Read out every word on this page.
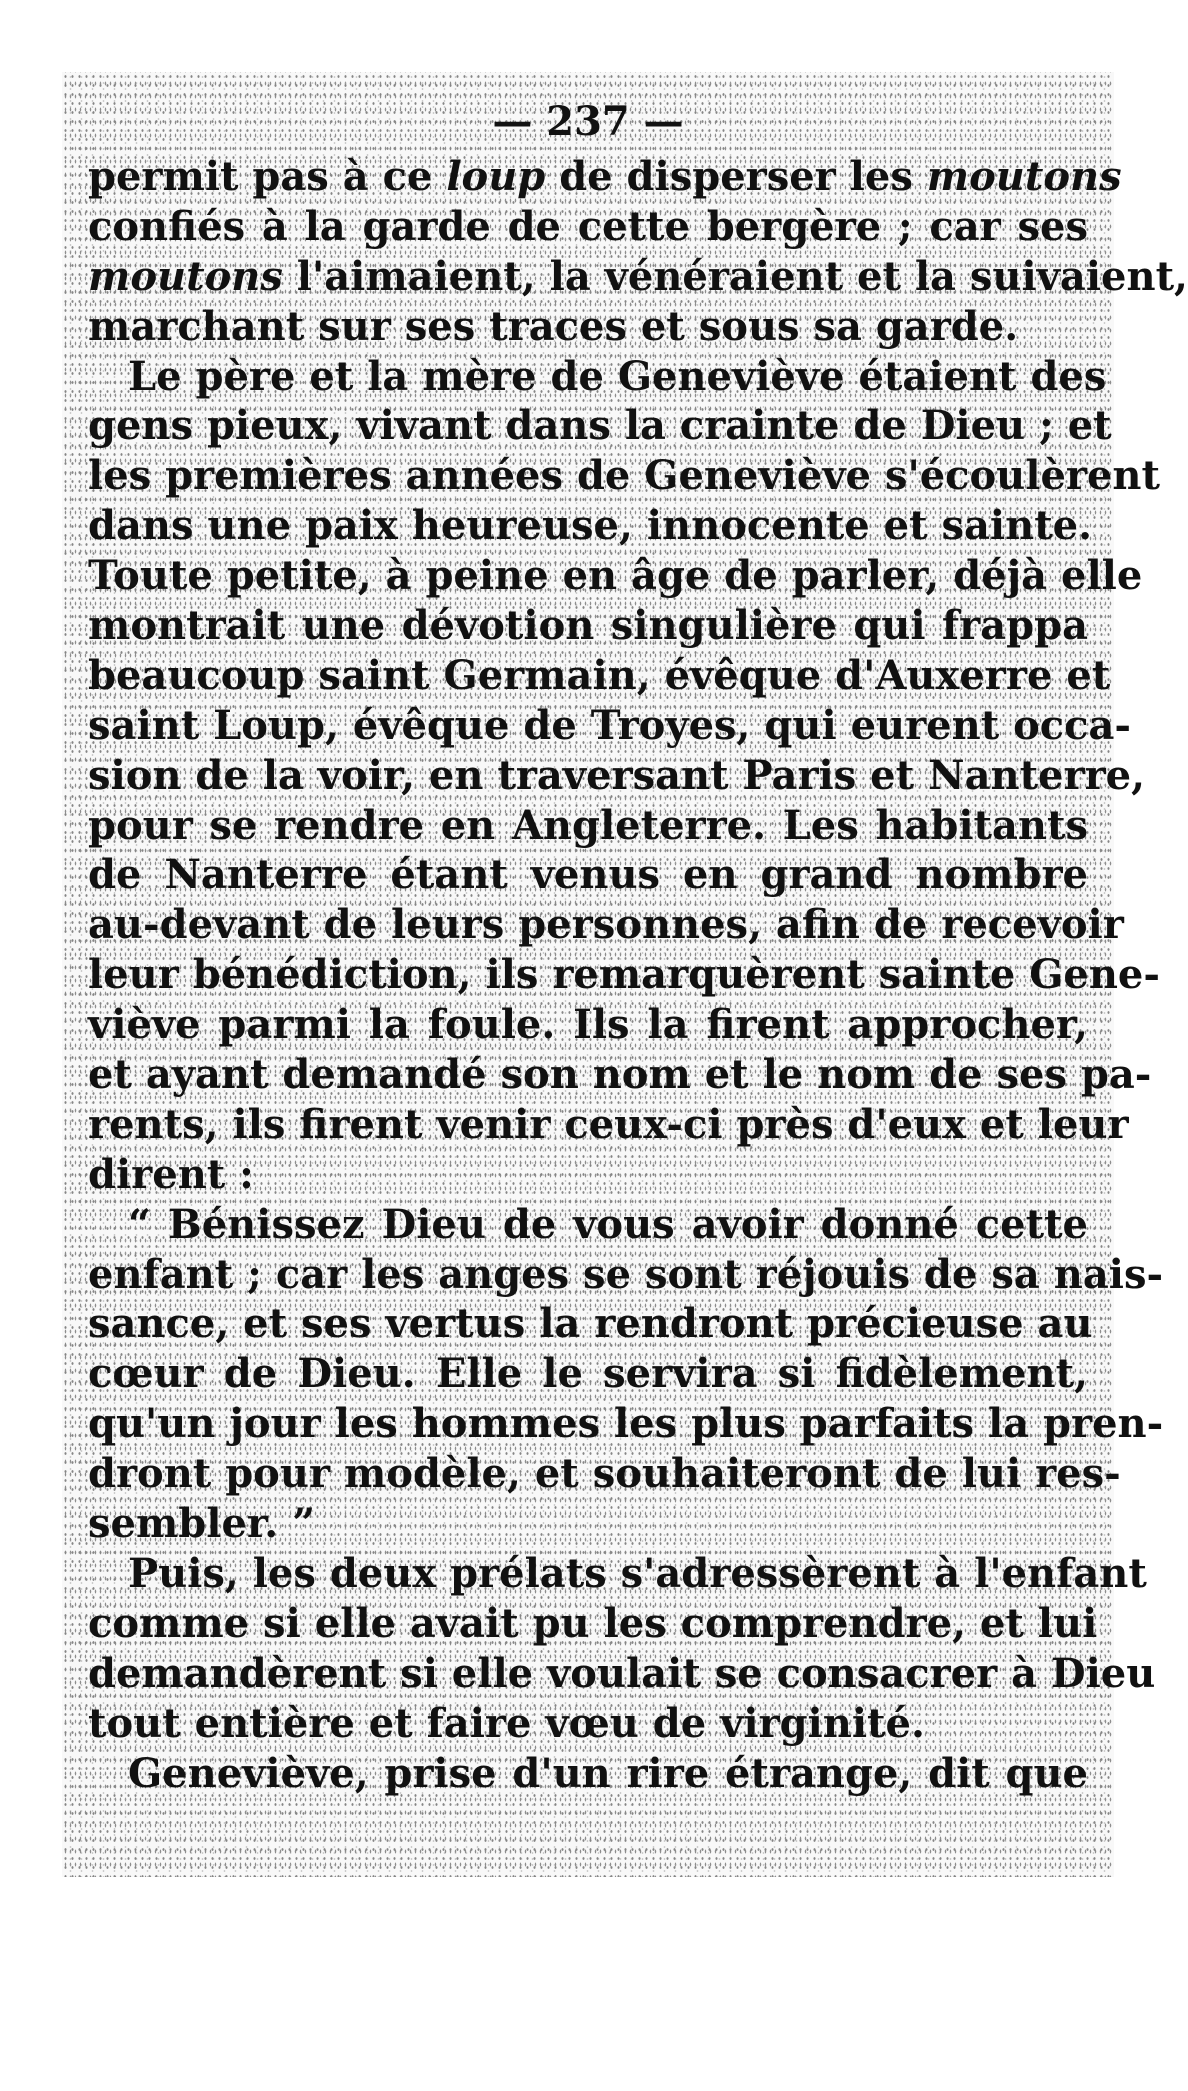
— 237 —
permit pas à ce loup de disperser les moutons
confiés à la garde de cette bergère ; car ses
moutons l'aimaient, la vénéraient et la suivaient,
marchant sur ses traces et sous sa garde.
Le père et la mère de Geneviève étaient des
gens pieux, vivant dans la crainte de Dieu ; et
les premières années de Geneviève s'écoulèrent
dans une paix heureuse, innocente et sainte.
Toute petite, à peine en âge de parler, déjà elle
montrait une dévotion singulière qui frappa
beaucoup saint Germain, évêque d'Auxerre et
saint Loup, évêque de Troyes, qui eurent occa-
sion de la voir, en traversant Paris et Nanterre,
pour se rendre en Angleterre. Les habitants
de Nanterre étant venus en grand nombre
au-devant de leurs personnes, afin de recevoir
leur bénédiction, ils remarquèrent sainte Gene-
viève parmi la foule. Ils la firent approcher,
et ayant demandé son nom et le nom de ses pa-
rents, ils firent venir ceux-ci près d'eux et leur
dirent :
“ Bénissez Dieu de vous avoir donné cette
enfant ; car les anges se sont réjouis de sa nais-
sance, et ses vertus la rendront précieuse au
cœur de Dieu. Elle le servira si fidèlement,
qu'un jour les hommes les plus parfaits la pren-
dront pour modèle, et souhaiteront de lui res-
sembler. ”
Puis, les deux prélats s'adressèrent à l'enfant
comme si elle avait pu les comprendre, et lui
demandèrent si elle voulait se consacrer à Dieu
tout entière et faire vœu de virginité.
Geneviève, prise d'un rire étrange, dit que
